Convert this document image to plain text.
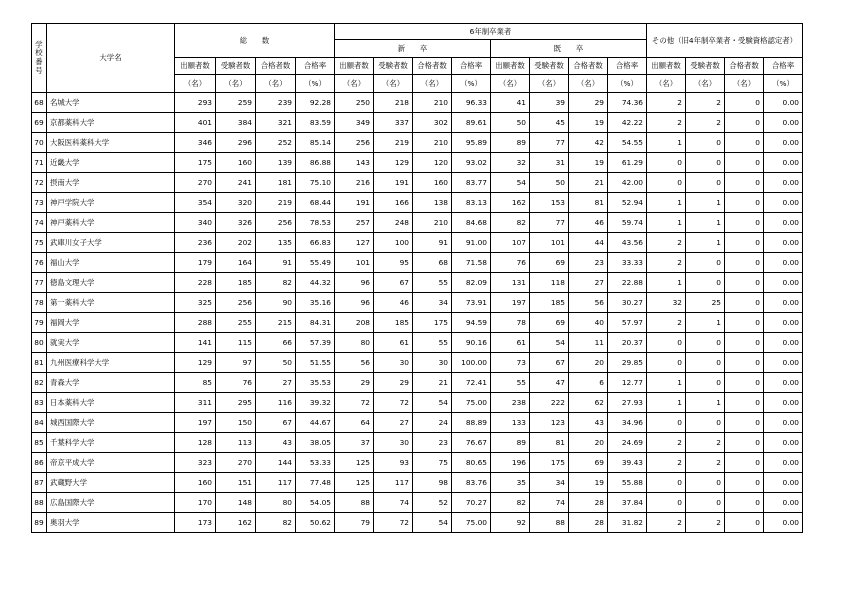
学校番号	大学名	総　　数				6年制卒業者								その他（旧4年制卒業者・受験資格認定者）			
						新　　卒				既　　卒							
		出願者数	受験者数	合格者数	合格率	出願者数	受験者数	合格者数	合格率	出願者数	受験者数	合格者数	合格率	出願者数	受験者数	合格者数	合格率
		（名）	（名）	（名）	（%）	（名）	（名）	（名）	（%）	（名）	（名）	（名）	（%）	（名）	（名）	（名）	（%）
68	名城大学	293	259	239	92.28	250	218	210	96.33	41	39	29	74.36	2	2	0	0.00
69	京都薬科大学	401	384	321	83.59	349	337	302	89.61	50	45	19	42.22	2	2	0	0.00
70	大阪医科薬科大学	346	296	252	85.14	256	219	210	95.89	89	77	42	54.55	1	0	0	0.00
71	近畿大学	175	160	139	86.88	143	129	120	93.02	32	31	19	61.29	0	0	0	0.00
72	摂南大学	270	241	181	75.10	216	191	160	83.77	54	50	21	42.00	0	0	0	0.00
73	神戸学院大学	354	320	219	68.44	191	166	138	83.13	162	153	81	52.94	1	1	0	0.00
74	神戸薬科大学	340	326	256	78.53	257	248	210	84.68	82	77	46	59.74	1	1	0	0.00
75	武庫川女子大学	236	202	135	66.83	127	100	91	91.00	107	101	44	43.56	2	1	0	0.00
76	福山大学	179	164	91	55.49	101	95	68	71.58	76	69	23	33.33	2	0	0	0.00
77	徳島文理大学	228	185	82	44.32	96	67	55	82.09	131	118	27	22.88	1	0	0	0.00
78	第一薬科大学	325	256	90	35.16	96	46	34	73.91	197	185	56	30.27	32	25	0	0.00
79	福岡大学	288	255	215	84.31	208	185	175	94.59	78	69	40	57.97	2	1	0	0.00
80	就実大学	141	115	66	57.39	80	61	55	90.16	61	54	11	20.37	0	0	0	0.00
81	九州医療科学大学	129	97	50	51.55	56	30	30	100.00	73	67	20	29.85	0	0	0	0.00
82	青森大学	85	76	27	35.53	29	29	21	72.41	55	47	6	12.77	1	0	0	0.00
83	日本薬科大学	311	295	116	39.32	72	72	54	75.00	238	222	62	27.93	1	1	0	0.00
84	城西国際大学	197	150	67	44.67	64	27	24	88.89	133	123	43	34.96	0	0	0	0.00
85	千葉科学大学	128	113	43	38.05	37	30	23	76.67	89	81	20	24.69	2	2	0	0.00
86	帝京平成大学	323	270	144	53.33	125	93	75	80.65	196	175	69	39.43	2	2	0	0.00
87	武蔵野大学	160	151	117	77.48	125	117	98	83.76	35	34	19	55.88	0	0	0	0.00
88	広島国際大学	170	148	80	54.05	88	74	52	70.27	82	74	28	37.84	0	0	0	0.00
89	奥羽大学	173	162	82	50.62	79	72	54	75.00	92	88	28	31.82	2	2	0	0.00
